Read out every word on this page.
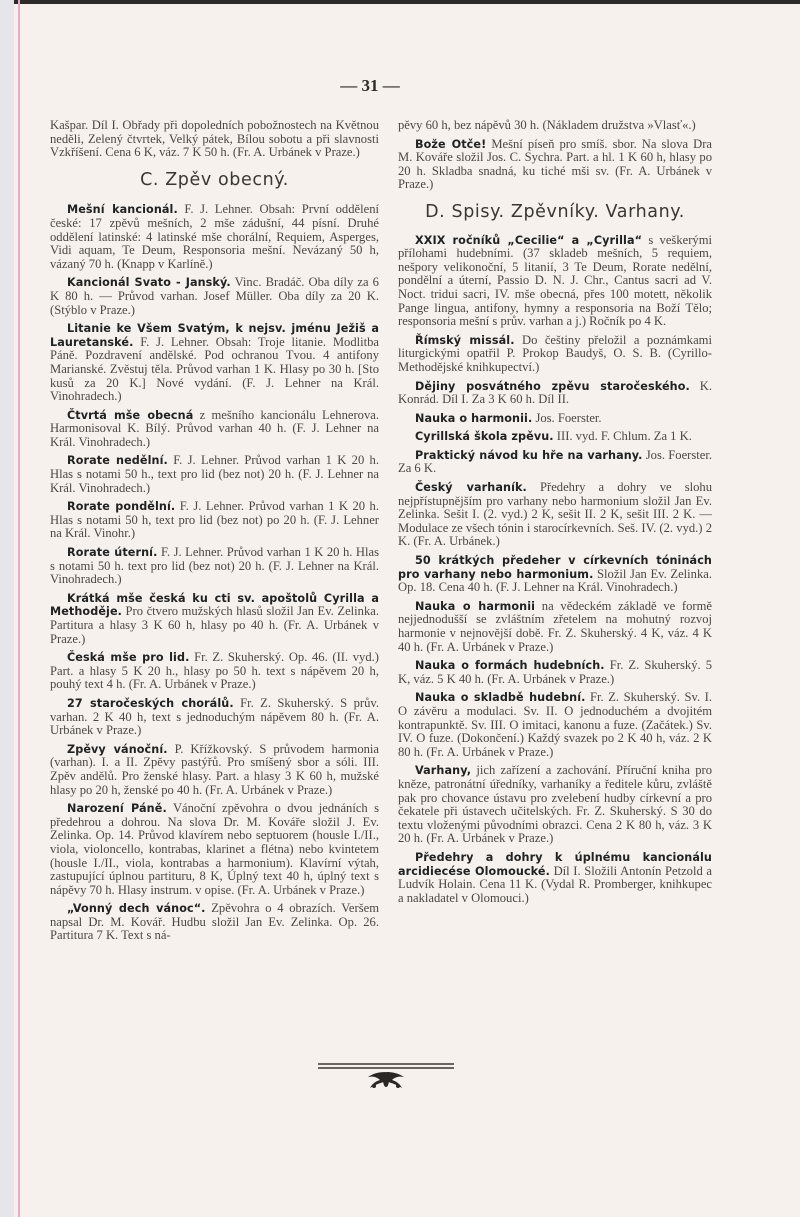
— 31 —

Kašpar. Díl I. Obřady při dopoledních pobožnostech na Květnou neděli, Zelený čtvrtek, Velký pátek, Bílou sobotu a při slavnosti Vzkříšení. Cena 6 K, váz. 7 K 50 h. (Fr. A. Urbánek v Praze.)

C. Zpěv obecný.

Mešní kancionál. F. J. Lehner. Obsah: První oddělení české: 17 zpěvů mešních, 2 mše zádušní, 44 písní. Druhé oddělení latinské: 4 latinské mše chorální, Requiem, Asperges, Vidi aquam, Te Deum, Responsoria mešní. Nevázaný 50 h, vázaný 70 h. (Knapp v Karlíně.)

Kancionál Svato - Janský. Vinc. Bradáč. Oba díly za 6 K 80 h. — Průvod varhan. Josef Müller. Oba díly za 20 K. (Stýblo v Praze.)

Litanie ke Všem Svatým, k nejsv. jménu Ježiš a Lauretanské. F. J. Lehner. Obsah: Troje litanie. Modlitba Páně. Pozdravení andělské. Pod ochranou Tvou. 4 antifony Marianské. Zvěstuj těla. Průvod varhan 1 K. Hlasy po 30 h. [Sto kusů za 20 K.] Nové vydání. (F. J. Lehner na Král. Vinohradech.)

Čtvrtá mše obecná z mešního kancionálu Lehnerova. Harmonisoval K. Bílý. Průvod varhan 40 h. (F. J. Lehner na Král. Vinohradech.)

Rorate nedělní. F. J. Lehner. Průvod varhan 1 K 20 h. Hlas s notami 50 h., text pro lid (bez not) 20 h. (F. J. Lehner na Král. Vinohradech.)

Rorate pondělní. F. J. Lehner. Průvod varhan 1 K 20 h. Hlas s notami 50 h, text pro lid (bez not) po 20 h. (F. J. Lehner na Král. Vinohr.)

Rorate úterní. F. J. Lehner. Průvod varhan 1 K 20 h. Hlas s notami 50 h. text pro lid (bez not) 20 h. (F. J. Lehner na Král. Vinohradech.)

Krátká mše česká ku cti sv. apoštolů Cyrilla a Methoděje. Pro čtvero mužských hlasů složil Jan Ev. Zelinka. Partitura a hlasy 3 K 60 h, hlasy po 40 h. (Fr. A. Urbánek v Praze.)

Česká mše pro lid. Fr. Z. Skuherský. Op. 46. (II. vyd.) Part. a hlasy 5 K 20 h., hlasy po 50 h. text s nápěvem 20 h, pouhý text 4 h. (Fr. A. Urbánek v Praze.)

27 staročeských chorálů. Fr. Z. Skuherský. S prův. varhan. 2 K 40 h, text s jednoduchým nápěvem 80 h. (Fr. A. Urbánek v Praze.)

Zpěvy vánoční. P. Křížkovský. S průvodem harmonia (varhan). I. a II. Zpěvy pastýřů. Pro smíšený sbor a sóli. III. Zpěv andělů. Pro ženské hlasy. Part. a hlasy 3 K 60 h, mužské hlasy po 20 h, ženské po 40 h. (Fr. A. Urbánek v Praze.)

Narození Páně. Vánoční zpěvohra o dvou jednáních s předehrou a dohrou. Na slova Dr. M. Kováře složil J. Ev. Zelinka. Op. 14. Průvod klavírem nebo septuorem (housle I./II., viola, violoncello, kontrabas, klarinet a flétna) nebo kvintetem (housle I./II., viola, kontrabas a harmonium). Klavírní výtah, zastupující úplnou partituru, 8 K, Úplný text 40 h, úplný text s nápěvy 70 h. Hlasy instrum. v opise. (Fr. A. Urbánek v Praze.)

„Vonný dech vánoc“. Zpěvohra o 4 obrazích. Veršem napsal Dr. M. Kovář. Hudbu složil Jan Ev. Zelinka. Op. 26. Partitura 7 K. Text s ná-

pěvy 60 h, bez nápěvů 30 h. (Nákladem družstva »Vlasť«.)

Bože Otče! Mešní píseň pro smíš. sbor. Na slova Dra M. Kováře složil Jos. C. Sychra. Part. a hl. 1 K 60 h, hlasy po 20 h. Skladba snadná, ku tiché mši sv. (Fr. A. Urbánek v Praze.)

D. Spisy. Zpěvníky. Varhany.

XXIX ročníků „Cecilie“ a „Cyrilla“ s veškerými přílohami hudebními. (37 skladeb mešních, 5 requiem, nešpory velikonoční, 5 litanií, 3 Te Deum, Rorate nedělní, pondělní a úterní, Passio D. N. J. Chr., Cantus sacri ad V. Noct. tridui sacri, IV. mše obecná, přes 100 motett, několik Pange lingua, antifony, hymny a responsoria na Boží Tělo; responsoria mešní s prův. varhan a j.) Ročník po 4 K.

Římský missál. Do češtiny přeložil a poznámkami liturgickými opatřil P. Prokop Baudyš, O. S. B. (Cyrillo-Methodějské knihkupectví.)

Dějiny posvátného zpěvu staročeského. K. Konrád. Díl I. Za 3 K 60 h. Díl II.

Nauka o harmonii. Jos. Foerster.

Cyrillská škola zpěvu. III. vyd. F. Chlum. Za 1 K.

Praktický návod ku hře na varhany. Jos. Foerster. Za 6 K.

Český varhaník. Předehry a dohry ve slohu nejpřístupnějším pro varhany nebo harmonium složil Jan Ev. Zelinka. Sešit I. (2. vyd.) 2 K, sešit II. 2 K, sešit III. 2 K. — Modulace ze všech tónin i starocírkevních. Seš. IV. (2. vyd.) 2 K. (Fr. A. Urbánek.)

50 krátkých předeher v církevních tóninách pro varhany nebo harmonium. Složil Jan Ev. Zelinka. Op. 18. Cena 40 h. (F. J. Lehner na Král. Vinohradech.)

Nauka o harmonii na vědeckém základě ve formě nejjednodušší se zvláštním zřetelem na mohutný rozvoj harmonie v nejnovější době. Fr. Z. Skuherský. 4 K, váz. 4 K 40 h. (Fr. A. Urbánek v Praze.)

Nauka o formách hudebních. Fr. Z. Skuherský. 5 K, váz. 5 K 40 h. (Fr. A. Urbánek v Praze.)

Nauka o skladbě hudební. Fr. Z. Skuherský. Sv. I. O závěru a modulaci. Sv. II. O jednoduchém a dvojitém kontrapunktě. Sv. III. O imitaci, kanonu a fuze. (Začátek.) Sv. IV. O fuze. (Dokončení.) Každý svazek po 2 K 40 h, váz. 2 K 80 h. (Fr. A. Urbánek v Praze.)

Varhany, jich zařízení a zachování. Příruční kniha pro kněze, patronátní úředníky, varhaníky a ředitele kůru, zvláště pak pro chovance ústavu pro zvelebení hudby církevní a pro čekatele při ústavech učitelských. Fr. Z. Skuherský. S 30 do textu vloženými původními obrazci. Cena 2 K 80 h, váz. 3 K 20 h. (Fr. A. Urbánek v Praze.)

Předehry a dohry k úplnému kancionálu arcidiecése Olomoucké. Díl I. Složili Antonín Petzold a Ludvík Holain. Cena 11 K. (Vydal R. Promberger, knihkupec a nakladatel v Olomouci.)
